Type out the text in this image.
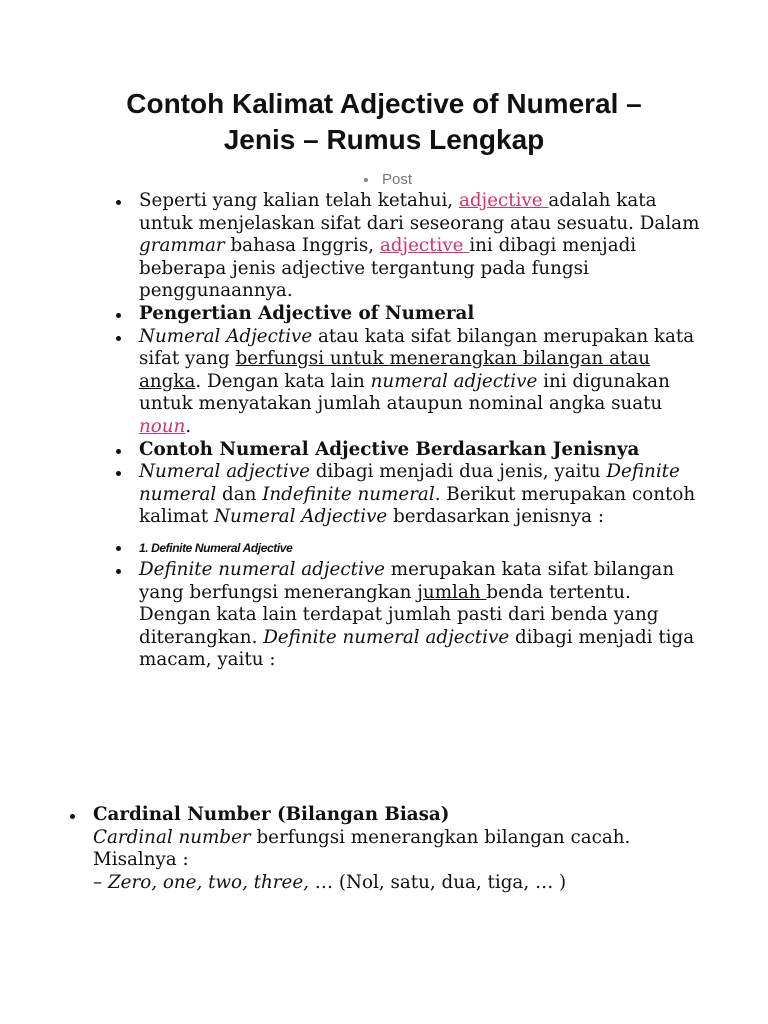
Contoh Kalimat Adjective of Numeral –
Jenis – Rumus Lengkap
Post
Seperti yang kalian telah ketahui, adjective adalah kata untuk menjelaskan sifat dari seseorang atau sesuatu. Dalam grammar bahasa Inggris, adjective ini dibagi menjadi beberapa jenis adjective tergantung pada fungsi penggunaannya.
Pengertian Adjective of Numeral
Numeral Adjective atau kata sifat bilangan merupakan kata sifat yang berfungsi untuk menerangkan bilangan atau angka. Dengan kata lain numeral adjective ini digunakan untuk menyatakan jumlah ataupun nominal angka suatu noun.
Contoh Numeral Adjective Berdasarkan Jenisnya
Numeral adjective dibagi menjadi dua jenis, yaitu Definite numeral dan Indefinite numeral. Berikut merupakan contoh kalimat Numeral Adjective berdasarkan jenisnya :
1. Definite Numeral Adjective
Definite numeral adjective merupakan kata sifat bilangan yang berfungsi menerangkan jumlah benda tertentu. Dengan kata lain terdapat jumlah pasti dari benda yang diterangkan. Definite numeral adjective dibagi menjadi tiga macam, yaitu :
Cardinal Number (Bilangan Biasa)
Cardinal number berfungsi menerangkan bilangan cacah. Misalnya :
– Zero, one, two, three, … (Nol, satu, dua, tiga, … )
